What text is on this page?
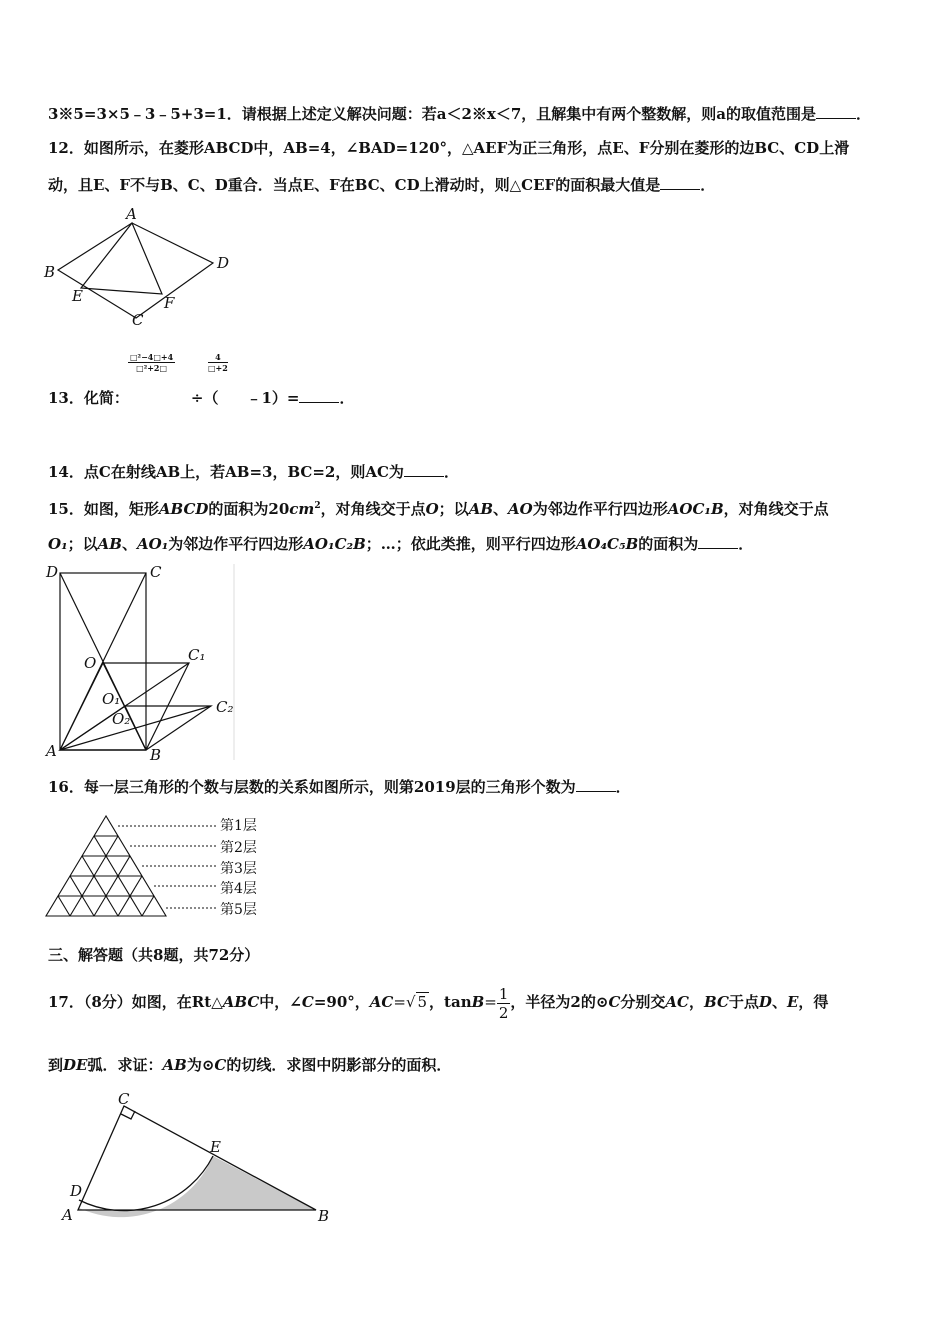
3※5=3×5﹣3﹣5+3=1．请根据上述定义解决问题：若a＜2※x＜7，且解集中有两个整数解，则a的取值范围是	．
12．如图所示，在菱形ABCD中，AB=4，∠BAD=120°，△AEF为正三角形，点E、F分别在菱形的边BC、CD上滑
动，且E、F不与B、C、D重合．当点E、F在BC、CD上滑动时，则△CEF的面积最大值是	．
A
B
C
D
E	F
$\frac{\text{□²−4□+4}}{\text{□²+2□}}$	$\frac{4}{□+2}$
13．化简：	÷（ ﹣1）=	．
14．点C在射线AB上，若AB=3，BC=2，则AC为	．
15．如图，矩形ABCD的面积为$20cm^2$，对角线交于点O；以AB、AO为邻边作平行四边形AOC₁B，对角线交于点
O₁；以AB、AO₁为邻边作平行四边形AO₁C₂B；…；依此类推，则平行四边形AO₄C₅B的面积为	．
D	C
O	C₁
O₁	C₂
O₂
A	B
16．每一层三角形的个数与层数的关系如图所示，则第2019层的三角形个数为	．
第1层
第2层
第3层
第4层
第5层
三、解答题（共8题，共72分）
17．（8分）如图，在Rt△ABC中，∠C=90°，AC=√ 5 ，$\tan B= \frac{1}{2}$ ，半径为2的⊙C分别交AC，BC于点D、E，得
到DE弧．求证：AB为⊙C的切线．求图中阴影部分的面积．
C
E
D
A	B
